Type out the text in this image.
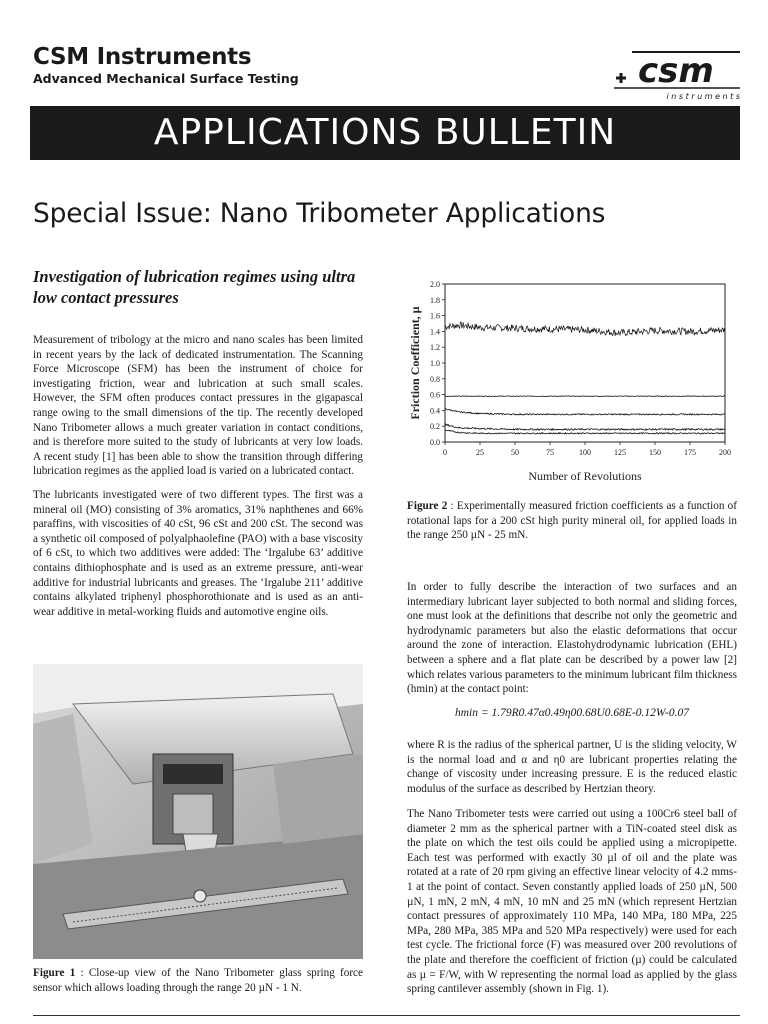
CSM Instruments
Advanced Mechanical Surface Testing	csm
i n s t r u m e n t s
APPLICATIONS BULLETIN
Special Issue: Nano Tribometer Applications
Investigation of lubrication regimes using ultra low contact pressures
Measurement of tribology at the micro and nano scales has been limited in recent years by the lack of dedicated instrumentation. The Scanning Force Microscope (SFM) has been the instrument of choice for investigating friction, wear and lubrication at such small scales. However, the SFM often produces contact pressures in the gigapascal range owing to the small dimensions of the tip. The recently developed Nano Tribometer allows a much greater variation in contact conditions, and is therefore more suited to the study of lubricants at very low loads. A recent study [1] has been able to show the transition through differing lubrication regimes as the applied load is varied on a lubricated contact.
The lubricants investigated were of two different types. The first was a mineral oil (MO) consisting of 3% aromatics, 31% naphthenes and 66% paraffins, with viscosities of 40 cSt, 96 cSt and 200 cSt. The second was a synthetic oil composed of polyalphaolefine (PAO) with a base viscosity of 6 cSt, to which two additives were added: The ‘Irgalube 63’ additive contains dithiophosphate and is used as an extreme pressure, anti-wear additive for industrial lubricants and greases. The ‘Irgalube 211’ additive contains alkylated triphenyl phosphorothionate and is used as an anti-wear additive in metal-working fluids and automotive engine oils.
Figure 1 : Close-up view of the Nano Tribometer glass spring force sensor which allows loading through the range 20 µN - 1 N.
0.0
0.2
0.4
0.6
0.8
1.0
1.2
1.4
1.6
1.8
2.0
0	25	50	75	100	125	150	175	200
Number of Revolutions
Friction Coefficient, µ
Figure 2 : Experimentally measured friction coefficients as a function of rotational laps for a 200 cSt high purity mineral oil, for applied loads in the range 250 µN - 25 mN.
In order to fully describe the interaction of two surfaces and an intermediary lubricant layer subjected to both normal and sliding forces, one must look at the definitions that describe not only the geometric and hydrodynamic parameters but also the elastic deformations that occur around the zone of interaction. Elastohydrodynamic lubrication (EHL) between a sphere and a flat plate can be described by a power law [2] which relates various parameters to the minimum lubricant film thickness (hmin) at the contact point:
hmin = 1.79R0.47α0.49η00.68U0.68E-0.12W-0.07
where R is the radius of the spherical partner, U is the sliding velocity, W is the normal load and α and η0 are lubricant properties relating the change of viscosity under increasing pressure. E is the reduced elastic modulus of the surface as described by Hertzian theory.
The Nano Tribometer tests were carried out using a 100Cr6 steel ball of diameter 2 mm as the spherical partner with a TiN-coated steel disk as the plate on which the test oils could be applied using a micropipette. Each test was performed with exactly 30 µl of oil and the plate was rotated at a rate of 20 rpm giving an effective linear velocity of 4.2 mms-1 at the point of contact. Seven constantly applied loads of 250 µN, 500 µN, 1 mN, 2 mN, 4 mN, 10 mN and 25 mN (which represent Hertzian contact pressures of approximately 110 MPa, 140 MPa, 180 MPa, 225 MPa, 280 MPa, 385 MPa and 520 MPa respectively) were used for each test cycle. The frictional force (F) was measured over 200 revolutions of the plate and therefore the coefficient of friction (µ) could be calculated as µ = F/W, with W representing the normal load as applied by the glass spring cantilever assembly (shown in Fig. 1).
